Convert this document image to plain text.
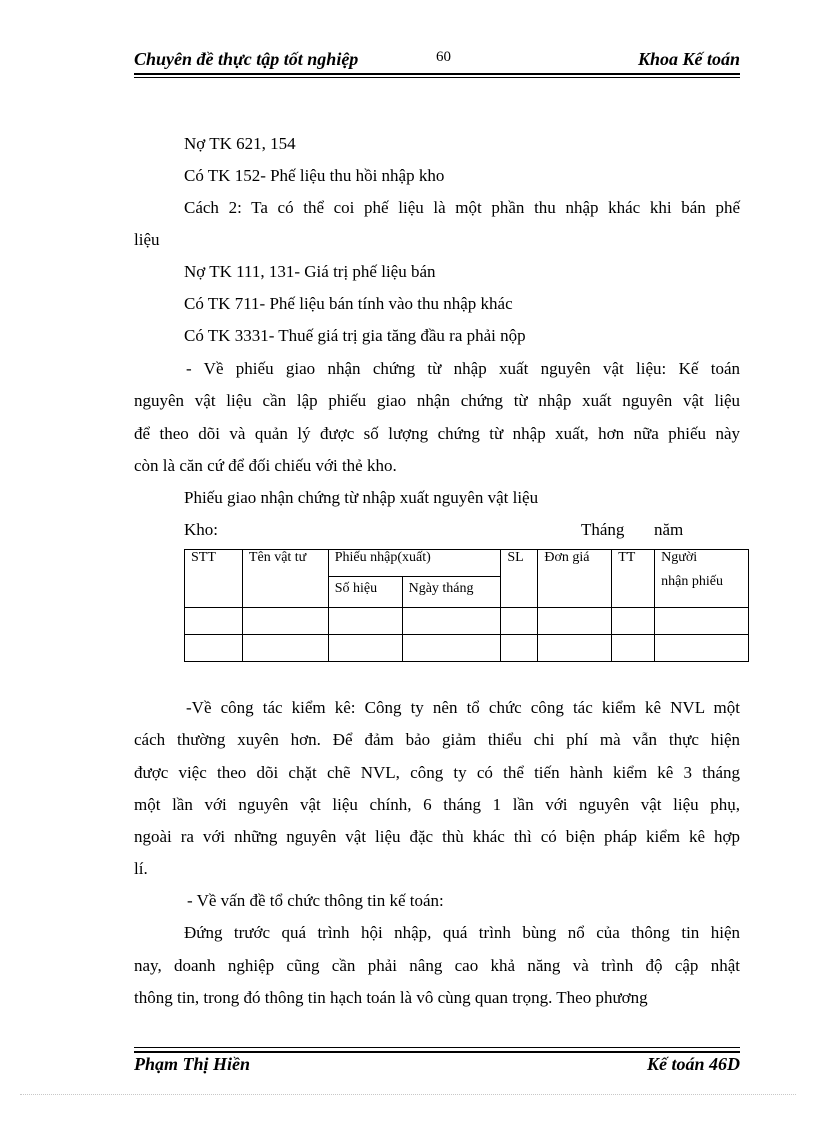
Chuyên đề thực tập tốt nghiệp	60	Khoa Kế toán
Nợ TK 621, 154
Có TK 152- Phế liệu thu hồi nhập kho
Cách 2: Ta có thể coi phế liệu là một phần thu nhập khác khi bán phế
liệu
Nợ TK 111, 131- Giá trị phế liệu bán
Có TK 711- Phế liệu bán tính vào thu nhập khác
Có TK 3331- Thuế giá trị gia tăng đầu ra phải nộp
- Về phiếu giao nhận chứng từ nhập xuất nguyên vật liệu: Kế toán
nguyên vật liệu cần lập phiếu giao nhận chứng từ nhập xuất nguyên vật liệu
để theo dõi và quản lý được số lượng chứng từ nhập xuất, hơn nữa phiếu này
còn là căn cứ để đối chiếu với thẻ kho.
Phiếu giao nhận chứng từ nhập xuất nguyên vật liệu
Kho:	Tháng năm
STT	Tên vật tư	Phiếu nhập(xuất)		SL	Đơn giá	TT	Người
nhận phiếu

		Số hiệu	Ngày tháng				

-Về công tác kiểm kê: Công ty nên tổ chức công tác kiểm kê NVL một
cách thường xuyên hơn. Để đảm bảo giảm thiểu chi phí mà vẫn thực hiện
được việc theo dõi chặt chẽ NVL, công ty có thể tiến hành kiểm kê 3 tháng
một lần với nguyên vật liệu chính, 6 tháng 1 lần với nguyên vật liệu phụ,
ngoài ra với những nguyên vật liệu đặc thù khác thì có biện pháp kiểm kê hợp
lí.
- Về vấn đề tổ chức thông tin kế toán:
Đứng trước quá trình hội nhập, quá trình bùng nổ của thông tin hiện
nay, doanh nghiệp cũng cần phải nâng cao khả năng và trình độ cập nhật
thông tin, trong đó thông tin hạch toán là vô cùng quan trọng. Theo phương
Phạm Thị Hiền	Kế toán 46D
